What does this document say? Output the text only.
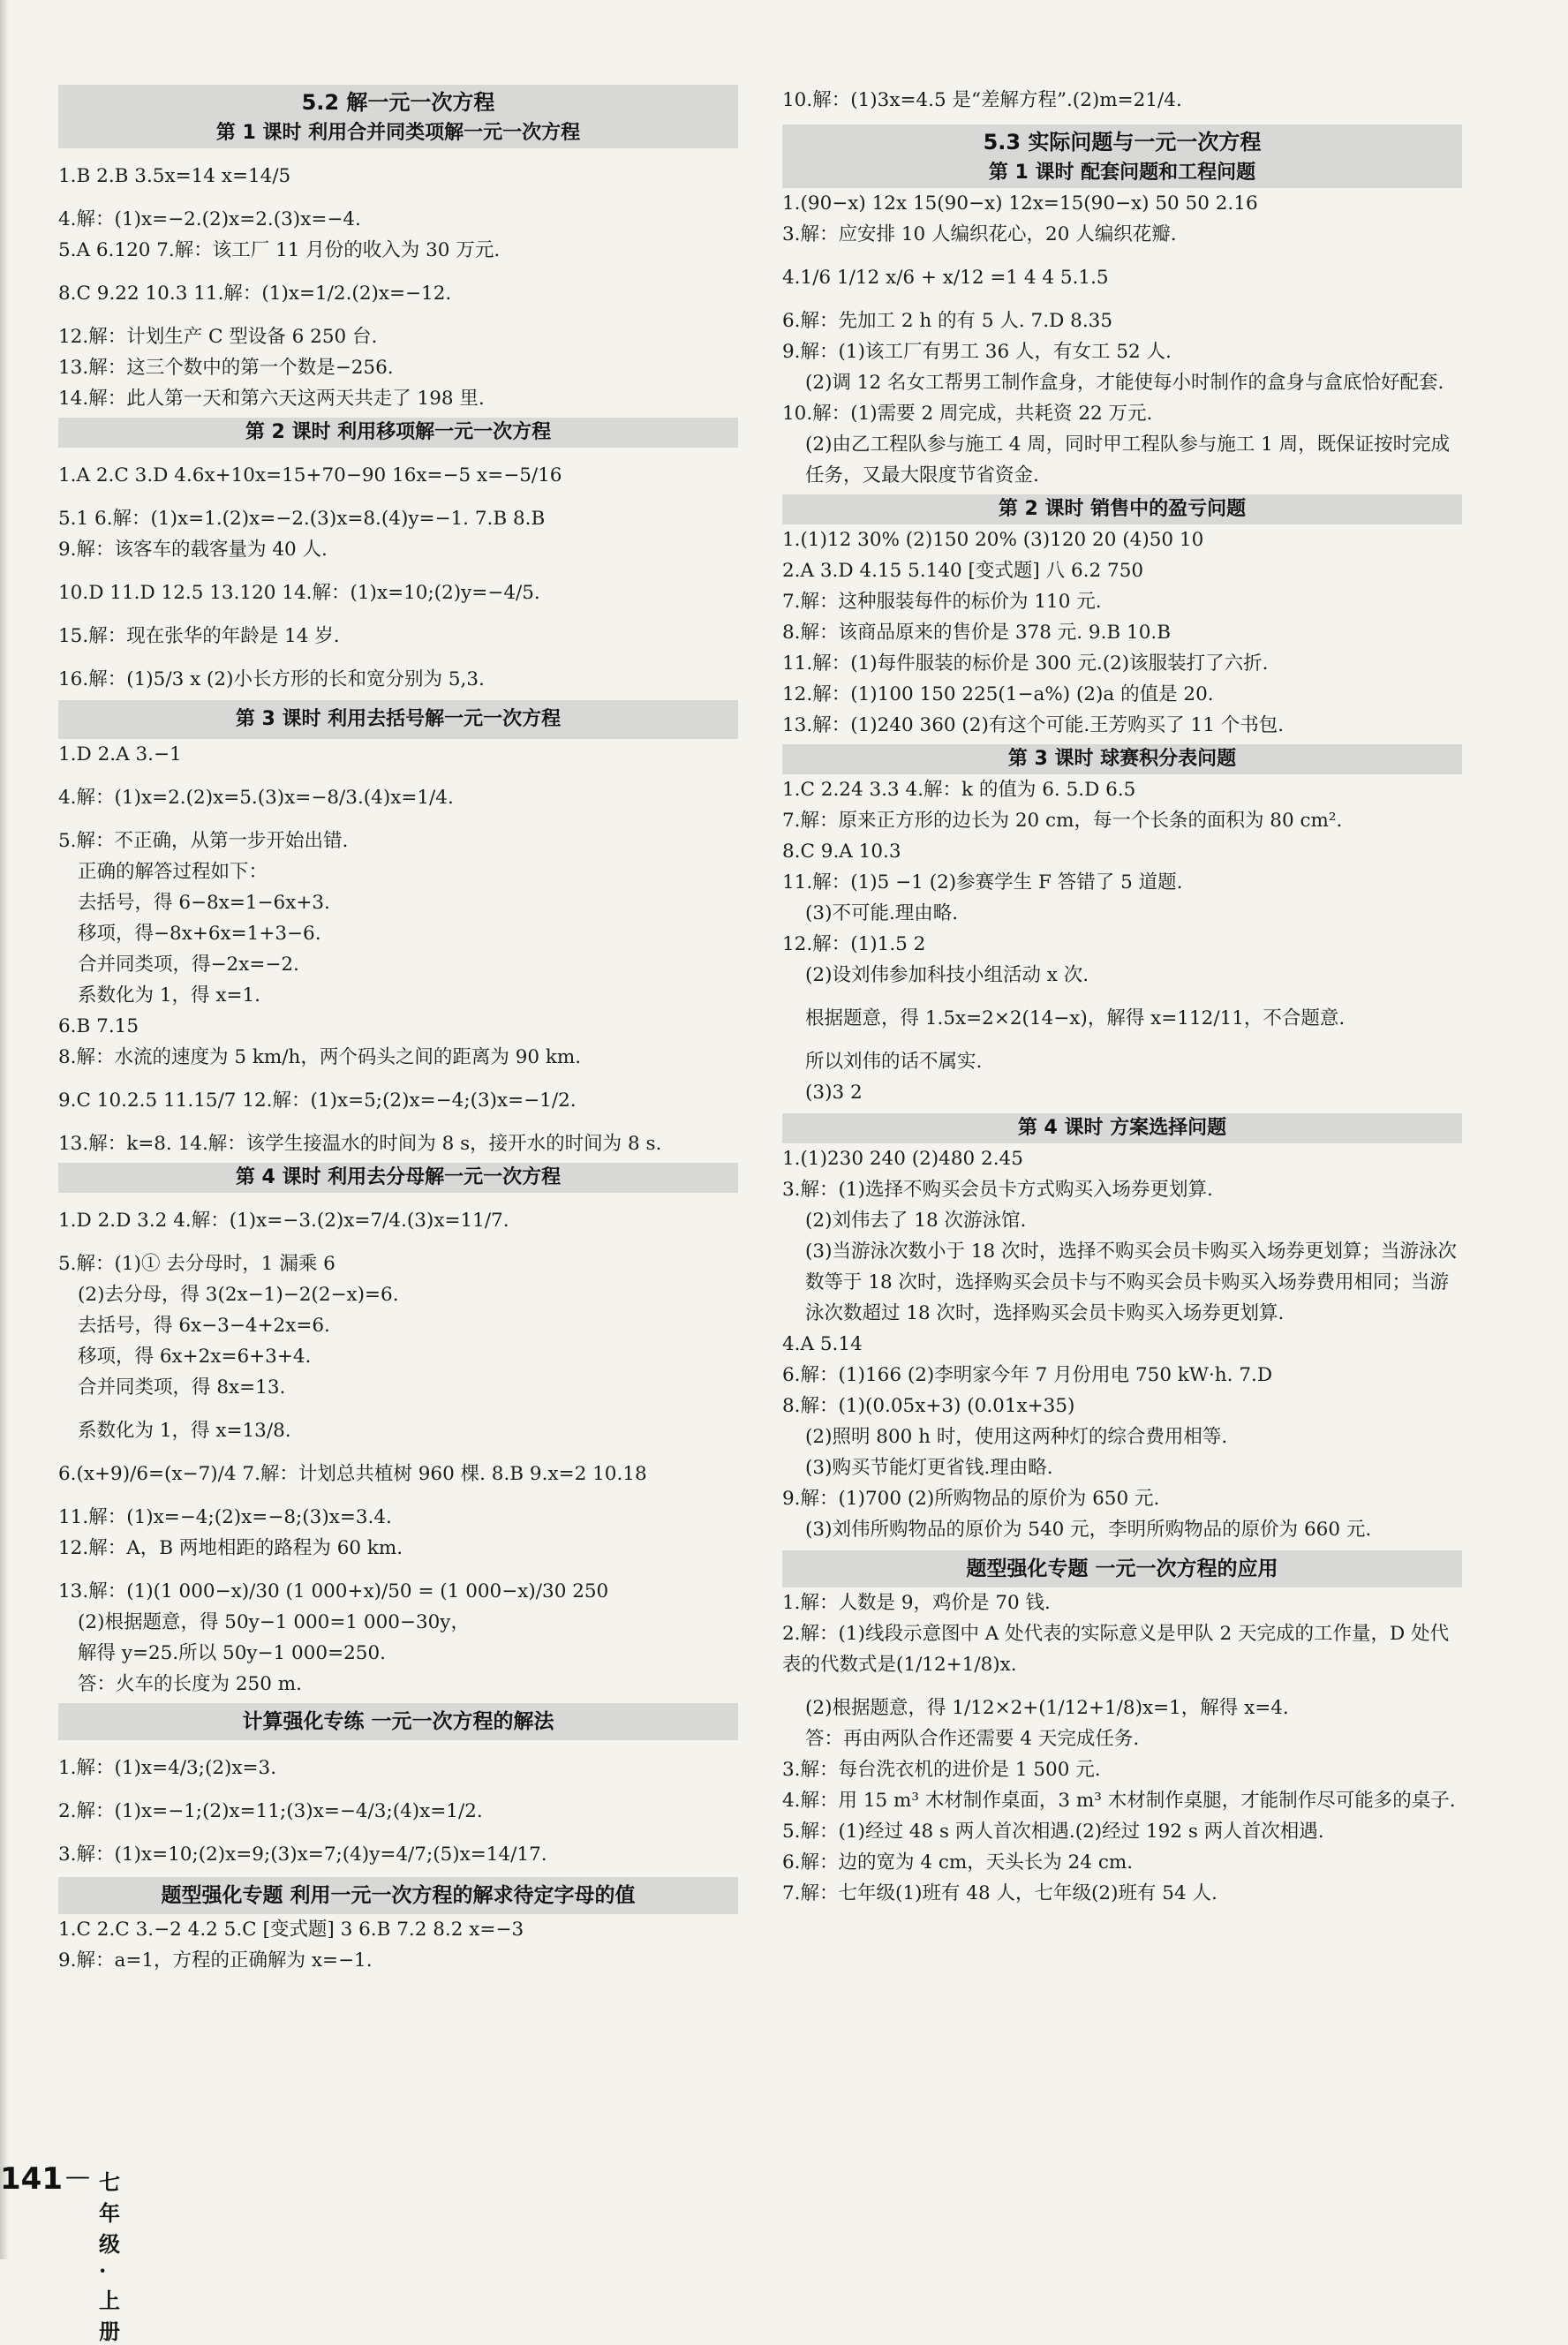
5.2 解一元一次方程
第 1 课时 利用合并同类项解一元一次方程
1.B 2.B 3.5x=14 x=14/5
4.解：(1)x=−2.(2)x=2.(3)x=−4.
5.A 6.120 7.解：该工厂 11 月份的收入为 30 万元.
8.C 9.22 10.3 11.解：(1)x=1/2.(2)x=−12.
12.解：计划生产 C 型设备 6 250 台.
13.解：这三个数中的第一个数是−256.
14.解：此人第一天和第六天这两天共走了 198 里.
第 2 课时 利用移项解一元一次方程
1.A 2.C 3.D 4.6x+10x=15+70−90 16x=−5 x=−5/16
5.1 6.解：(1)x=1.(2)x=−2.(3)x=8.(4)y=−1. 7.B 8.B
9.解：该客车的载客量为 40 人.
10.D 11.D 12.5 13.120 14.解：(1)x=10;(2)y=−4/5.
15.解：现在张华的年龄是 14 岁.
16.解：(1)5/3 x (2)小长方形的长和宽分别为 5,3.
第 3 课时 利用去括号解一元一次方程
1.D 2.A 3.−1
4.解：(1)x=2.(2)x=5.(3)x=−8/3.(4)x=1/4.
5.解：不正确，从第一步开始出错.
正确的解答过程如下：
去括号，得 6−8x=1−6x+3.
移项，得−8x+6x=1+3−6.
合并同类项，得−2x=−2.
系数化为 1，得 x=1.
6.B 7.15
8.解：水流的速度为 5 km/h，两个码头之间的距离为 90 km.
9.C 10.2.5 11.15/7 12.解：(1)x=5;(2)x=−4;(3)x=−1/2.
13.解：k=8. 14.解：该学生接温水的时间为 8 s，接开水的时间为 8 s.
第 4 课时 利用去分母解一元一次方程
1.D 2.D 3.2 4.解：(1)x=−3.(2)x=7/4.(3)x=11/7.
5.解：(1)① 去分母时，1 漏乘 6
(2)去分母，得 3(2x−1)−2(2−x)=6.
去括号，得 6x−3−4+2x=6.
移项，得 6x+2x=6+3+4.
合并同类项，得 8x=13.
系数化为 1，得 x=13/8.
6.(x+9)/6=(x−7)/4 7.解：计划总共植树 960 棵. 8.B 9.x=2 10.18
11.解：(1)x=−4;(2)x=−8;(3)x=3.4.
12.解：A，B 两地相距的路程为 60 km.
13.解：(1)(1 000−x)/30 (1 000+x)/50 = (1 000−x)/30 250
(2)根据题意，得 50y−1 000=1 000−30y，
解得 y=25.所以 50y−1 000=250.
答：火车的长度为 250 m.
计算强化专练 一元一次方程的解法
1.解：(1)x=4/3;(2)x=3.
2.解：(1)x=−1;(2)x=11;(3)x=−4/3;(4)x=1/2.
3.解：(1)x=10;(2)x=9;(3)x=7;(4)y=4/7;(5)x=14/17.
题型强化专题 利用一元一次方程的解求待定字母的值
1.C 2.C 3.−2 4.2 5.C [变式题] 3 6.B 7.2 8.2 x=−3
9.解：a=1，方程的正确解为 x=−1.
10.解：(1)3x=4.5 是“差解方程”.(2)m=21/4.
5.3 实际问题与一元一次方程
第 1 课时 配套问题和工程问题
1.(90−x) 12x 15(90−x) 12x=15(90−x) 50 50 2.16
3.解：应安排 10 人编织花心，20 人编织花瓣.
4.1/6 1/12 x/6 + x/12 =1 4 4 5.1.5
6.解：先加工 2 h 的有 5 人. 7.D 8.35
9.解：(1)该工厂有男工 36 人，有女工 52 人.
(2)调 12 名女工帮男工制作盒身，才能使每小时制作的盒身与盒底恰好配套.
10.解：(1)需要 2 周完成，共耗资 22 万元.
(2)由乙工程队参与施工 4 周，同时甲工程队参与施工 1 周，既保证按时完成任务，又最大限度节省资金.
第 2 课时 销售中的盈亏问题
1.(1)12 30% (2)150 20% (3)120 20 (4)50 10
2.A 3.D 4.15 5.140 [变式题] 八 6.2 750
7.解：这种服装每件的标价为 110 元.
8.解：该商品原来的售价是 378 元. 9.B 10.B
11.解：(1)每件服装的标价是 300 元.(2)该服装打了六折.
12.解：(1)100 150 225(1−a%) (2)a 的值是 20.
13.解：(1)240 360 (2)有这个可能.王芳购买了 11 个书包.
第 3 课时 球赛积分表问题
1.C 2.24 3.3 4.解：k 的值为 6. 5.D 6.5
7.解：原来正方形的边长为 20 cm，每一个长条的面积为 80 cm².
8.C 9.A 10.3
11.解：(1)5 −1 (2)参赛学生 F 答错了 5 道题.
(3)不可能.理由略.
12.解：(1)1.5 2
(2)设刘伟参加科技小组活动 x 次.
根据题意，得 1.5x=2×2(14−x)，解得 x=112/11，不合题意.
所以刘伟的话不属实.
(3)3 2
第 4 课时 方案选择问题
1.(1)230 240 (2)480 2.45
3.解：(1)选择不购买会员卡方式购买入场券更划算.
(2)刘伟去了 18 次游泳馆.
(3)当游泳次数小于 18 次时，选择不购买会员卡购买入场券更划算；当游泳次数等于 18 次时，选择购买会员卡与不购买会员卡购买入场券费用相同；当游泳次数超过 18 次时，选择购买会员卡购买入场券更划算.
4.A 5.14
6.解：(1)166 (2)李明家今年 7 月份用电 750 kW·h. 7.D
8.解：(1)(0.05x+3) (0.01x+35)
(2)照明 800 h 时，使用这两种灯的综合费用相等.
(3)购买节能灯更省钱.理由略.
9.解：(1)700 (2)所购物品的原价为 650 元.
(3)刘伟所购物品的原价为 540 元，李明所购物品的原价为 660 元.
题型强化专题 一元一次方程的应用
1.解：人数是 9，鸡价是 70 钱.
2.解：(1)线段示意图中 A 处代表的实际意义是甲队 2 天完成的工作量，D 处代表的代数式是(1/12+1/8)x.
(2)根据题意，得 1/12×2+(1/12+1/8)x=1，解得 x=4.
答：再由两队合作还需要 4 天完成任务.
3.解：每台洗衣机的进价是 1 500 元.
4.解：用 15 m³ 木材制作桌面，3 m³ 木材制作桌腿，才能制作尽可能多的桌子.
5.解：(1)经过 48 s 两人首次相遇.(2)经过 192 s 两人首次相遇.
6.解：边的宽为 4 cm，天头长为 24 cm.
7.解：七年级(1)班有 48 人，七年级(2)班有 54 人.
141 — 七年级 · 上册
